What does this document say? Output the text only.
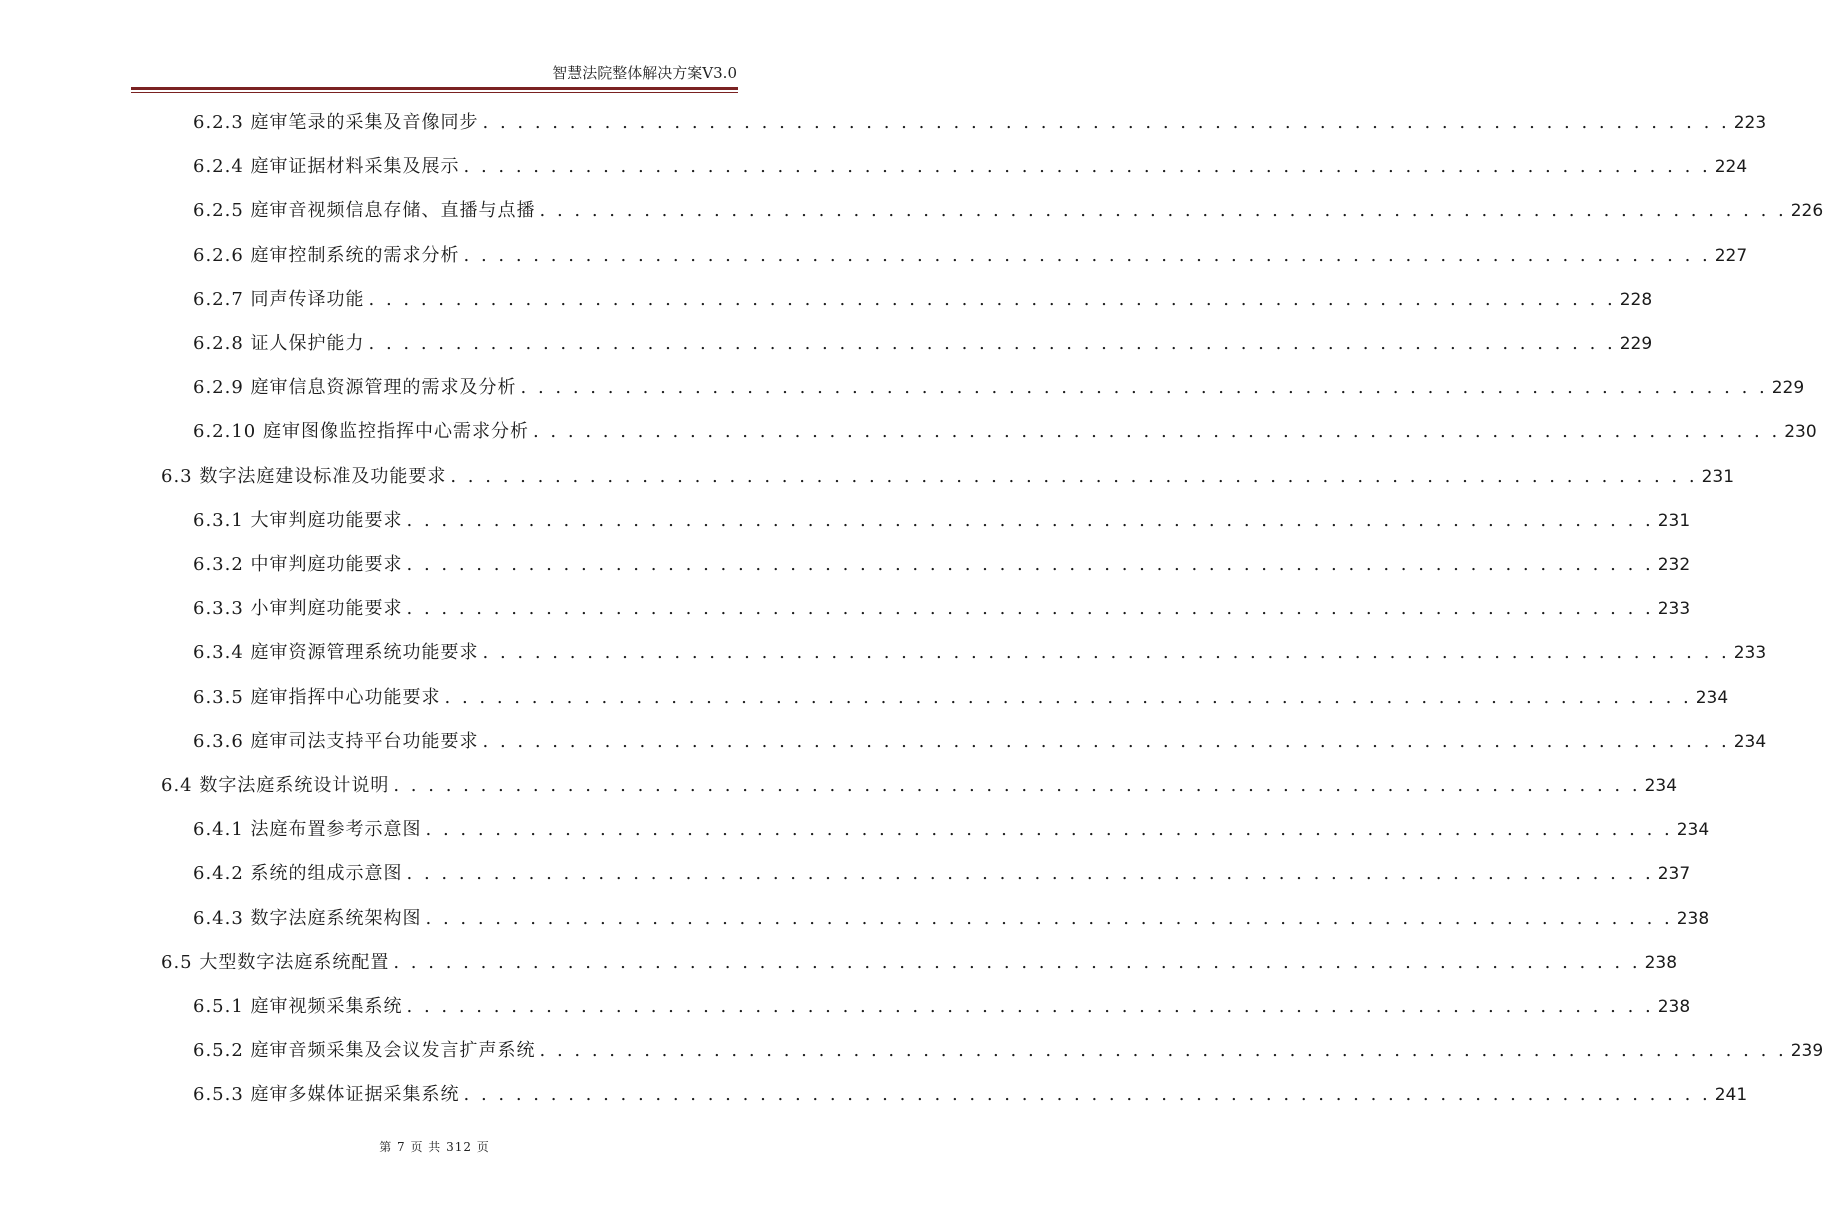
智慧法院整体解决方案V3.0
6.2.3 庭审笔录的采集及音像同步 . . . . . . . . . . . . . . . . . . . . . . . . . . . . . . . . . . . . . . . . . . . . . . . . . . . . . . . . . . . . . . . . . . . . . . . . 223
6.2.4 庭审证据材料采集及展示 . . . . . . . . . . . . . . . . . . . . . . . . . . . . . . . . . . . . . . . . . . . . . . . . . . . . . . . . . . . . . . . . . . . . . . . . 224
6.2.5 庭审音视频信息存储、直播与点播 . . . . . . . . . . . . . . . . . . . . . . . . . . . . . . . . . . . . . . . . . . . . . . . . . . . . . . . . . . . . . . . . . . . . . . . . 226
6.2.6 庭审控制系统的需求分析 . . . . . . . . . . . . . . . . . . . . . . . . . . . . . . . . . . . . . . . . . . . . . . . . . . . . . . . . . . . . . . . . . . . . . . . . 227
6.2.7 同声传译功能 . . . . . . . . . . . . . . . . . . . . . . . . . . . . . . . . . . . . . . . . . . . . . . . . . . . . . . . . . . . . . . . . . . . . . . . . 228
6.2.8 证人保护能力 . . . . . . . . . . . . . . . . . . . . . . . . . . . . . . . . . . . . . . . . . . . . . . . . . . . . . . . . . . . . . . . . . . . . . . . . 229
6.2.9 庭审信息资源管理的需求及分析 . . . . . . . . . . . . . . . . . . . . . . . . . . . . . . . . . . . . . . . . . . . . . . . . . . . . . . . . . . . . . . . . . . . . . . . . 229
6.2.10 庭审图像监控指挥中心需求分析 . . . . . . . . . . . . . . . . . . . . . . . . . . . . . . . . . . . . . . . . . . . . . . . . . . . . . . . . . . . . . . . . . . . . . . . . 230
6.3 数字法庭建设标准及功能要求 . . . . . . . . . . . . . . . . . . . . . . . . . . . . . . . . . . . . . . . . . . . . . . . . . . . . . . . . . . . . . . . . . . . . . . . . 231
6.3.1 大审判庭功能要求 . . . . . . . . . . . . . . . . . . . . . . . . . . . . . . . . . . . . . . . . . . . . . . . . . . . . . . . . . . . . . . . . . . . . . . . . 231
6.3.2 中审判庭功能要求 . . . . . . . . . . . . . . . . . . . . . . . . . . . . . . . . . . . . . . . . . . . . . . . . . . . . . . . . . . . . . . . . . . . . . . . . 232
6.3.3 小审判庭功能要求 . . . . . . . . . . . . . . . . . . . . . . . . . . . . . . . . . . . . . . . . . . . . . . . . . . . . . . . . . . . . . . . . . . . . . . . . 233
6.3.4 庭审资源管理系统功能要求 . . . . . . . . . . . . . . . . . . . . . . . . . . . . . . . . . . . . . . . . . . . . . . . . . . . . . . . . . . . . . . . . . . . . . . . . 233
6.3.5 庭审指挥中心功能要求 . . . . . . . . . . . . . . . . . . . . . . . . . . . . . . . . . . . . . . . . . . . . . . . . . . . . . . . . . . . . . . . . . . . . . . . . 234
6.3.6 庭审司法支持平台功能要求 . . . . . . . . . . . . . . . . . . . . . . . . . . . . . . . . . . . . . . . . . . . . . . . . . . . . . . . . . . . . . . . . . . . . . . . . 234
6.4 数字法庭系统设计说明 . . . . . . . . . . . . . . . . . . . . . . . . . . . . . . . . . . . . . . . . . . . . . . . . . . . . . . . . . . . . . . . . . . . . . . . . 234
6.4.1 法庭布置参考示意图 . . . . . . . . . . . . . . . . . . . . . . . . . . . . . . . . . . . . . . . . . . . . . . . . . . . . . . . . . . . . . . . . . . . . . . . . 234
6.4.2 系统的组成示意图 . . . . . . . . . . . . . . . . . . . . . . . . . . . . . . . . . . . . . . . . . . . . . . . . . . . . . . . . . . . . . . . . . . . . . . . . 237
6.4.3 数字法庭系统架构图 . . . . . . . . . . . . . . . . . . . . . . . . . . . . . . . . . . . . . . . . . . . . . . . . . . . . . . . . . . . . . . . . . . . . . . . . 238
6.5 大型数字法庭系统配置 . . . . . . . . . . . . . . . . . . . . . . . . . . . . . . . . . . . . . . . . . . . . . . . . . . . . . . . . . . . . . . . . . . . . . . . . 238
6.5.1 庭审视频采集系统 . . . . . . . . . . . . . . . . . . . . . . . . . . . . . . . . . . . . . . . . . . . . . . . . . . . . . . . . . . . . . . . . . . . . . . . . 238
6.5.2 庭审音频采集及会议发言扩声系统 . . . . . . . . . . . . . . . . . . . . . . . . . . . . . . . . . . . . . . . . . . . . . . . . . . . . . . . . . . . . . . . . . . . . . . . . 239
6.5.3 庭审多媒体证据采集系统 . . . . . . . . . . . . . . . . . . . . . . . . . . . . . . . . . . . . . . . . . . . . . . . . . . . . . . . . . . . . . . . . . . . . . . . . 241
第 7 页 共 312 页
